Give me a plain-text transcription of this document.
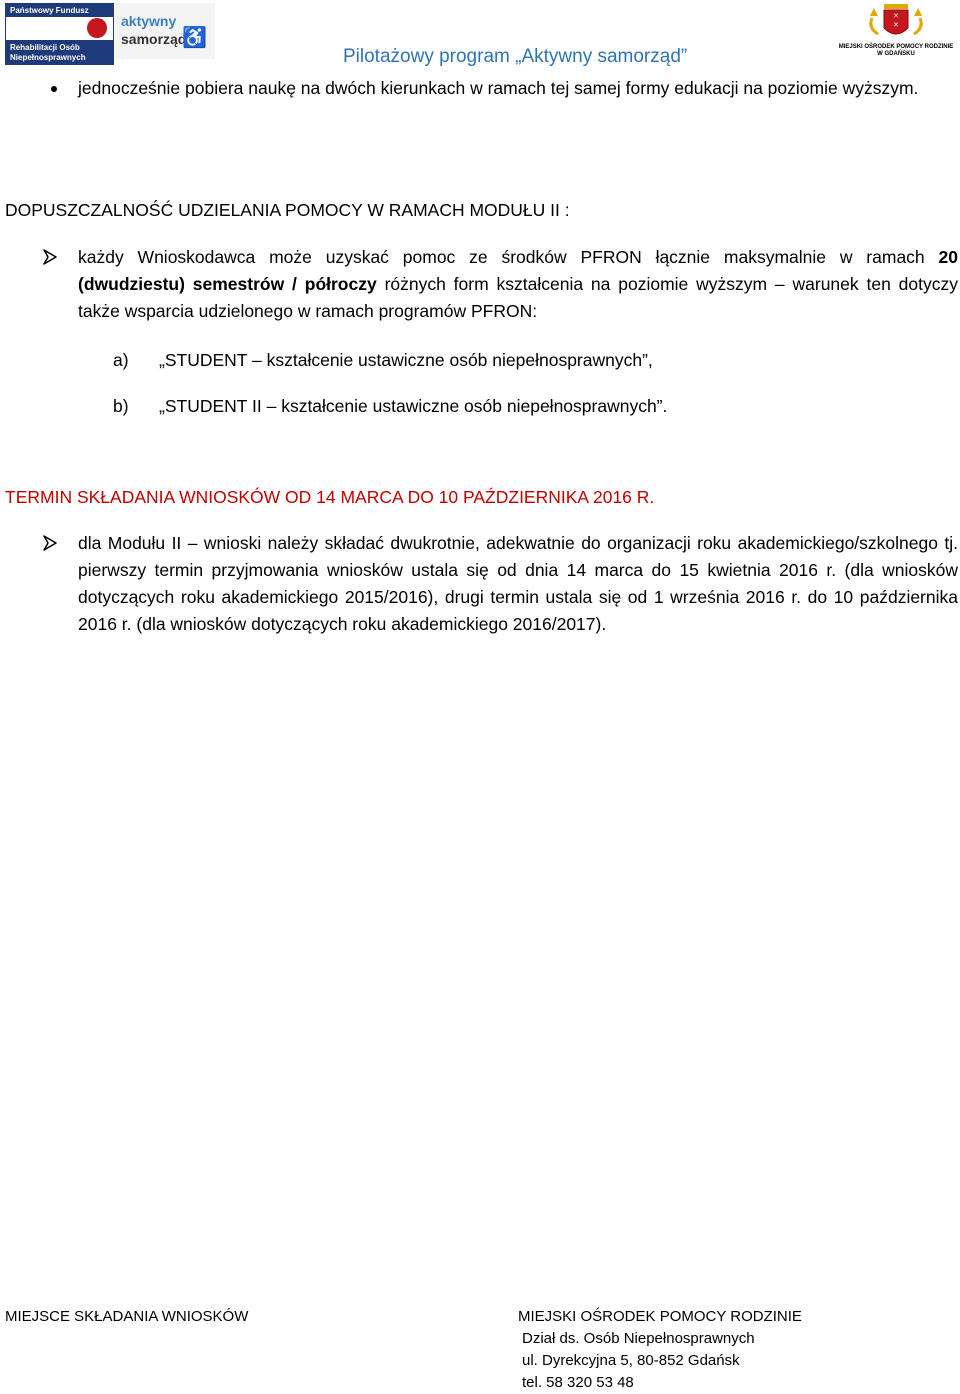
Państwowy Fundusz
Rehabilitacji Osób
Niepełnosprawnych
aktywny
samorząd
♿
Pilotażowy program „Aktywny samorząd”
✕
✕
MIEJSKI OŚRODEK POMOCY RODZINIE
W GDAŃSKU
jednocześnie pobiera naukę na dwóch kierunkach w ramach tej samej formy edukacji na poziomie wyższym.
DOPUSZCZALNOŚĆ UDZIELANIA POMOCY W RAMACH MODUŁU II :
każdy Wnioskodawca może uzyskać pomoc ze środków PFRON łącznie maksymalnie w ramach 20 (dwudziestu) semestrów / półroczy różnych form kształcenia na poziomie wyższym – warunek ten dotyczy także wsparcia udzielonego w ramach programów PFRON:
a) „STUDENT – kształcenie ustawiczne osób niepełnosprawnych”,
b) „STUDENT II – kształcenie ustawiczne osób niepełnosprawnych”.
TERMIN SKŁADANIA WNIOSKÓW OD 14 MARCA DO 10 PAŹDZIERNIKA 2016 R.
dla Modułu II – wnioski należy składać dwukrotnie, adekwatnie do organizacji roku akademickiego/szkolnego tj. pierwszy termin przyjmowania wniosków ustala się od dnia 14 marca do 15 kwietnia 2016 r. (dla wniosków dotyczących roku akademickiego 2015/2016), drugi termin ustala się od 1 września 2016 r. do 10 października 2016 r. (dla wniosków dotyczących roku akademickiego 2016/2017).
MIEJSCE SKŁADANIA WNIOSKÓW	MIEJSKI OŚRODEK POMOCY RODZINIE
Dział ds. Osób Niepełnosprawnych
ul. Dyrekcyjna 5, 80-852 Gdańsk
tel. 58 320 53 48
